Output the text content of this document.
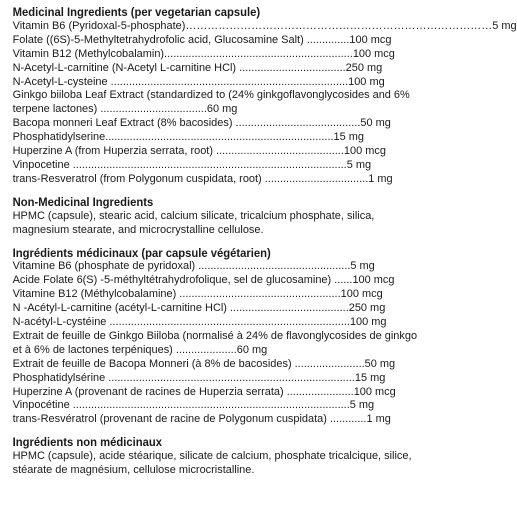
Medicinal Ingredients (per vegetarian capsule)
Vitamin B6 (Pyridoxal-5-phosphate)…………………………………………………………………………5 mg
Folate ((6S)-5-Methyltetrahydrofolic acid, Glucosamine Salt) ..............100 mcg
Vitamin B12 (Methylcobalamin)..............................................................100 mcg
N-Acetyl-L-carnitine (N-Acetyl L-carnitine HCl) ...................................250 mg
N-Acetyl-L-cysteine ..............................................................................100 mg
Ginkgo biiloba Leaf Extract (standardized to (24% ginkgoflavonglycosides and 6% terpene lactones) ...................................60 mg
Bacopa monneri Leaf Extract (8% bacosides) .........................................50 mg
Phosphatidylserine...........................................................................15 mg
Huperzine A (from Huperzia serrata, root) ..........................................100 mcg
Vinpocetine ..........................................................................................5 mg
trans-Resveratrol (from Polygonum cuspidata, root) ..................................1 mg
Non-Medicinal Ingredients
HPMC (capsule), stearic acid, calcium silicate, tricalcium phosphate, silica, magnesium stearate, and microcrystalline cellulose.
Ingrédients médicinaux (par capsule végétarien)
Vitamine B6 (phosphate de pyridoxal) ..................................................5 mg
Acide Folate 6(S) -5-méthyltétrahydrofolique, sel de glucosamine) ......100 mcg
Vitamine B12 (Méthylcobalamine) .....................................................100 mcg
N -Acétyl-L-carnitine (acétyl-L-carnitine HCl) .......................................250 mg
N-acétyl-L-cystéine ...............................................................................100 mg
Extrait de feuille de Ginkgo Biiloba (normalisé à 24% de flavonglycosides de ginkgo et à 6% de lactones terpéniques) ....................60 mg
Extrait de feuille de Bacopa Monneri (à 8% de bacosides) .......................50 mg
Phosphatidylsérine .................................................................................15 mg
Huperzine A (provenant de racines de Huperzia serrata) ......................100 mcg
Vinpocétine ...........................................................................................5 mg
trans-Resvératrol (provenant de racine de Polygonum cuspidata) ............1 mg
Ingrédients non médicinaux
HPMC (capsule), acide stéarique, silicate de calcium, phosphate tricalcique, silice, stéarate de magnésium, cellulose microcristalline.
